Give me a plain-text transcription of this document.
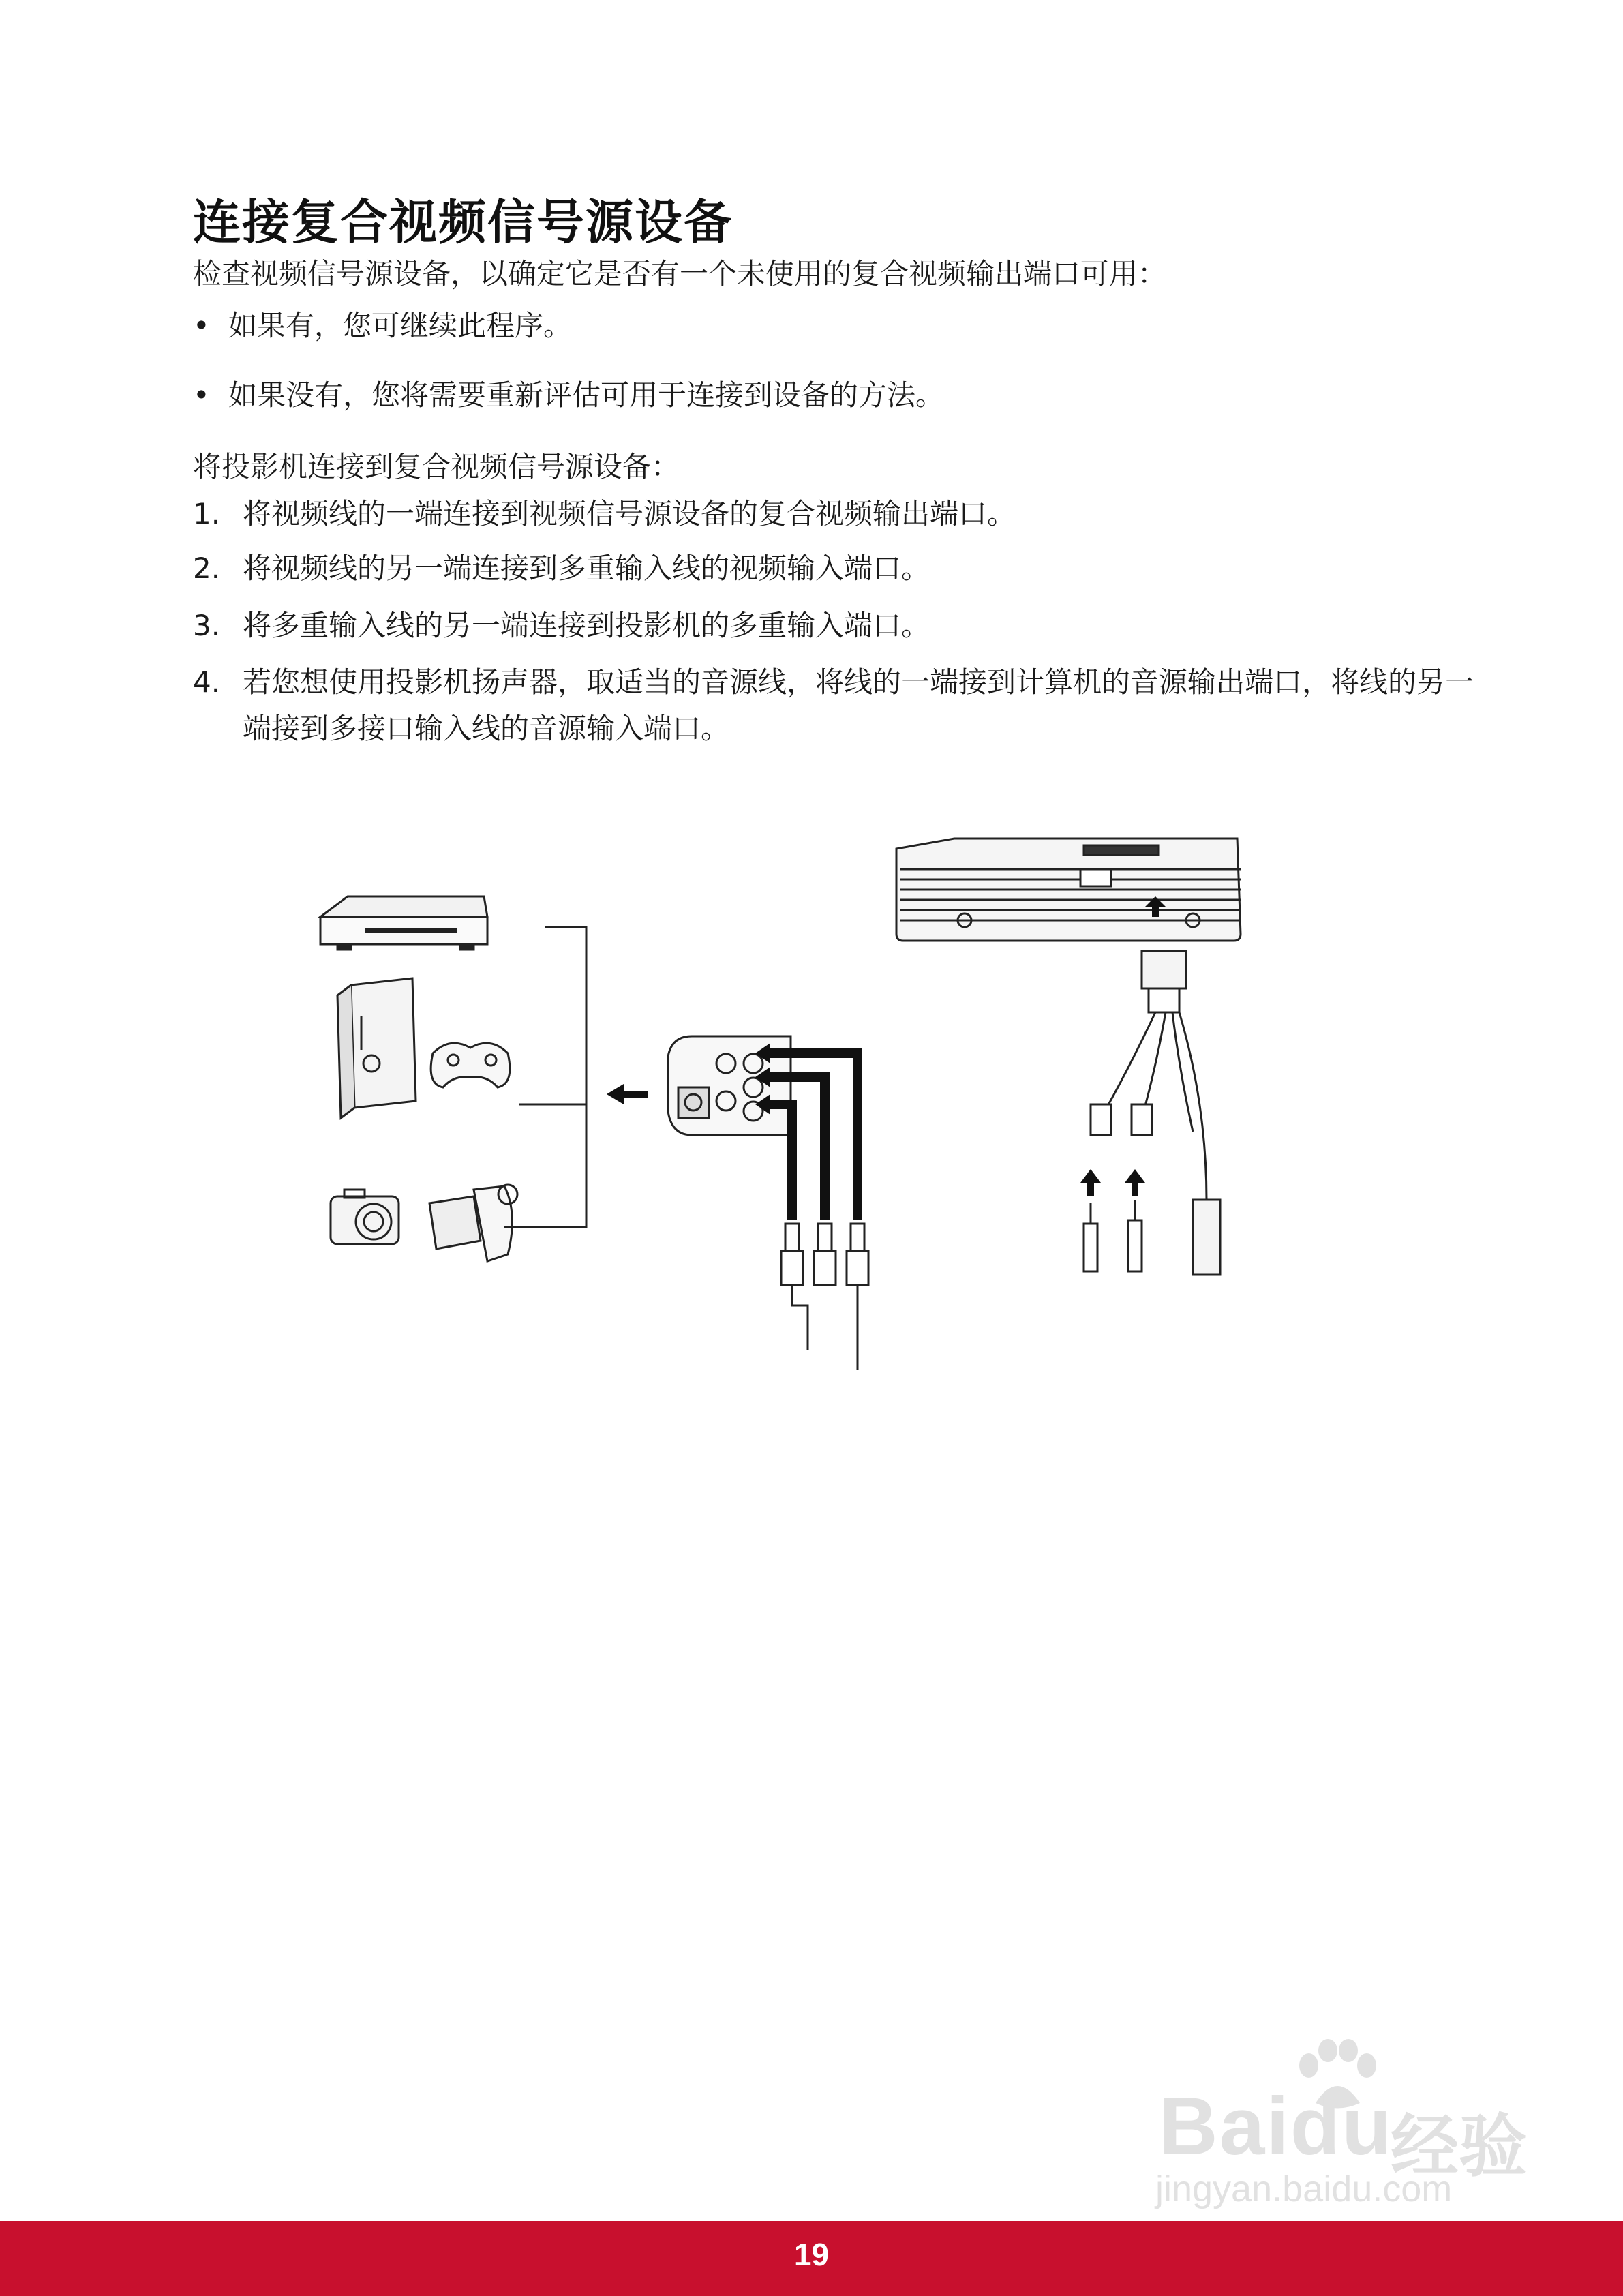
连接复合视频信号源设备
检查视频信号源设备，以确定它是否有一个未使用的复合视频输出端口可用：
• 如果有，您可继续此程序。
• 如果没有，您将需要重新评估可用于连接到设备的方法。
将投影机连接到复合视频信号源设备：
1. 将视频线的一端连接到视频信号源设备的复合视频输出端口。
2. 将视频线的另一端连接到多重输入线的视频输入端口。
3. 将多重输入线的另一端连接到投影机的多重输入端口。
4. 若您想使用投影机扬声器，取适当的音源线，将线的一端接到计算机的音源输出端口，将线的另一端接到多接口输入线的音源输入端口。
Baidu
经验
jingyan.baidu.com
19
